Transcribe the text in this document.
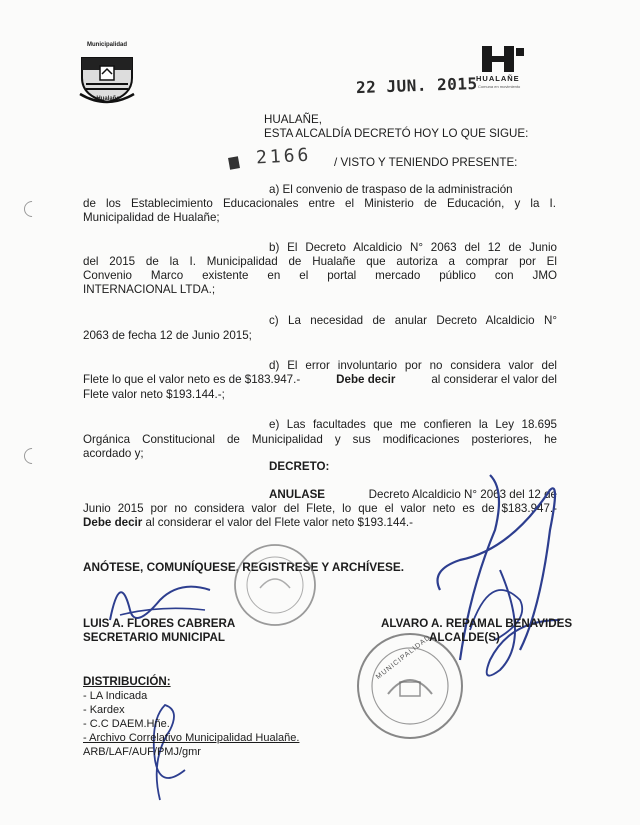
Municipalidad
Hualañe
HUALAÑE
Comuna en movimiento
22 JUN. 2015
HUALAÑE,
ESTA ALCALDÍA DECRETÓ HOY LO QUE SIGUE:
2166 / VISTO Y TENIENDO PRESENTE:
a) El convenio de traspaso de la administración
de los Establecimiento Educacionales entre el Ministerio de Educación, y la I.
Municipalidad de Hualañe;
b) El Decreto Alcaldicio N° 2063 del 12 de Junio
del 2015 de la I. Municipalidad de Hualañe que autoriza a comprar por El
Convenio Marco existente en el portal mercado público con JMO
INTERNACIONAL LTDA.;
c) La necesidad de anular Decreto Alcaldicio N°
2063 de fecha 12 de Junio 2015;
d) El error involuntario por no considera valor del
Flete lo que el valor neto es de $183.947.-	Debe decir	al considerar el valor del
Flete valor neto $193.144.-;
e) Las facultades que me confieren la Ley 18.695
Orgánica Constitucional de Municipalidad y sus modificaciones posteriores, he
acordado y;
DECRETO:
ANULASE	Decreto Alcaldicio N° 2063 del 12 de
Junio 2015 por no considera valor del Flete, lo que el valor neto es de $183.947.-
Debe decir al considerar el valor del Flete valor neto $193.144.-
ANÓTESE, COMUNÍQUESE, REGISTRESE Y ARCHÍVESE.
MUNICIPALIDAD
LUIS A. FLORES CABRERA
SECRETARIO MUNICIPAL
ALVARO A. REPAMAL BENAVIDES
ALCALDE(S)
DISTRIBUCIÓN:
- LA Indicada
- Kardex
- C.C DAEM.Hñe.
- Archivo Correlativo Municipalidad Hualañe.
ARB/LAF/AUF/PMJ/gmr
